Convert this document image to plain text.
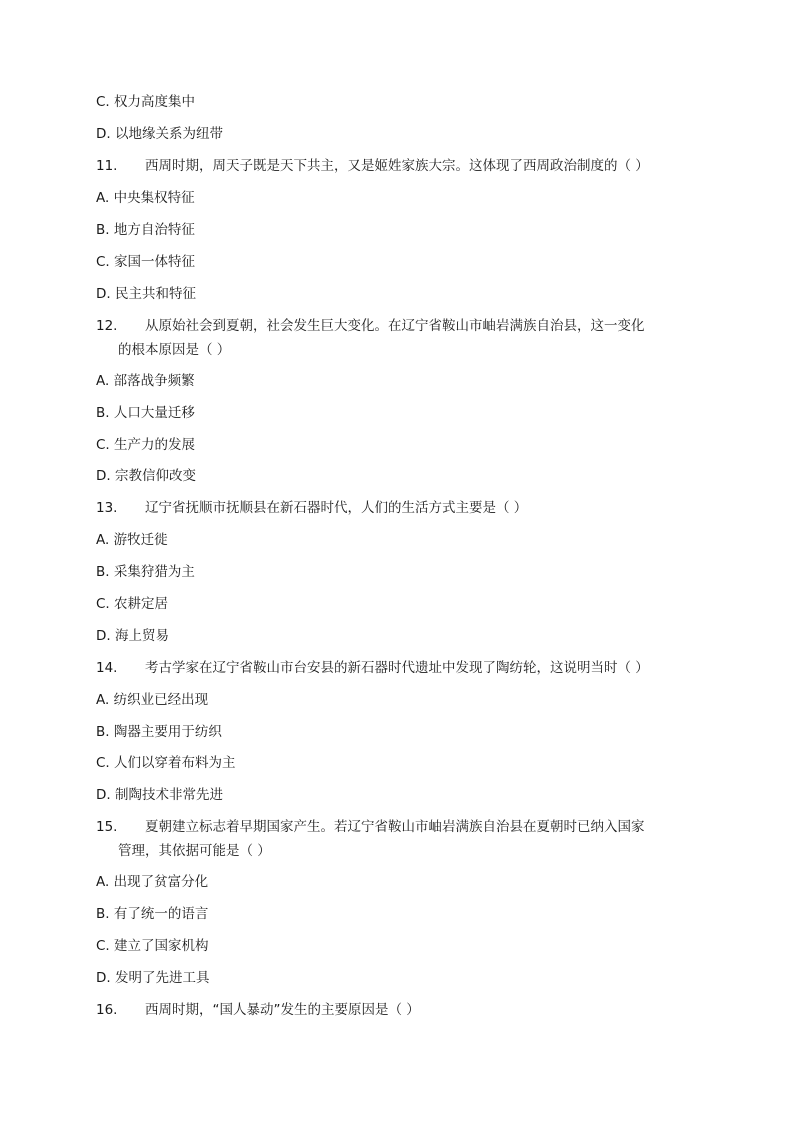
C. 权力高度集中
D. 以地缘关系为纽带
11. 西周时期，周天子既是天下共主，又是姬姓家族大宗。这体现了西周政治制度的（ ）
A. 中央集权特征
B. 地方自治特征
C. 家国一体特征
D. 民主共和特征
12. 从原始社会到夏朝，社会发生巨大变化。在辽宁省鞍山市岫岩满族自治县，这一变化
的根本原因是（ ）
A. 部落战争频繁
B. 人口大量迁移
C. 生产力的发展
D. 宗教信仰改变
13. 辽宁省抚顺市抚顺县在新石器时代，人们的生活方式主要是（ ）
A. 游牧迁徙
B. 采集狩猎为主
C. 农耕定居
D. 海上贸易
14. 考古学家在辽宁省鞍山市台安县的新石器时代遗址中发现了陶纺轮，这说明当时（ ）
A. 纺织业已经出现
B. 陶器主要用于纺织
C. 人们以穿着布料为主
D. 制陶技术非常先进
15. 夏朝建立标志着早期国家产生。若辽宁省鞍山市岫岩满族自治县在夏朝时已纳入国家
管理，其依据可能是（ ）
A. 出现了贫富分化
B. 有了统一的语言
C. 建立了国家机构
D. 发明了先进工具
16. 西周时期，“国人暴动”发生的主要原因是（ ）
